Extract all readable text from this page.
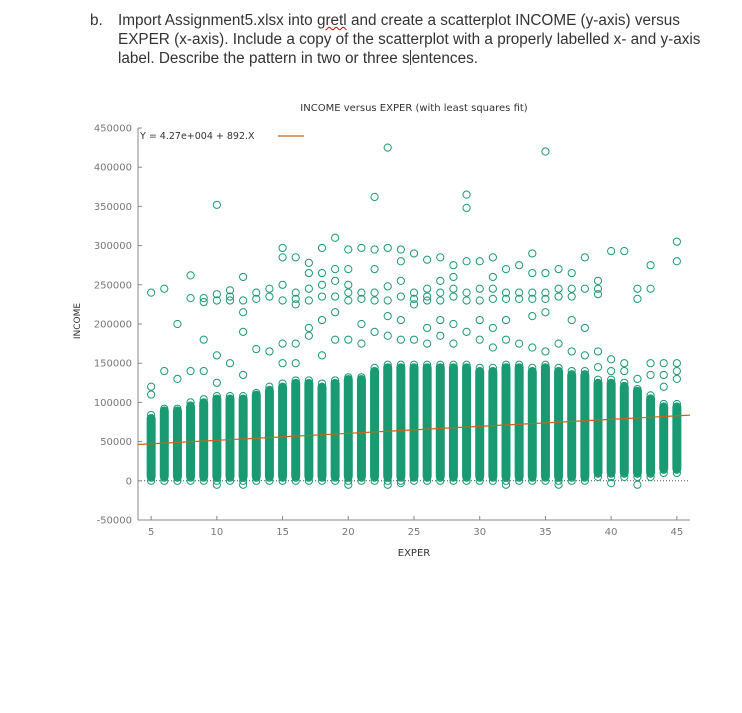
b. Import Assignment5.xlsx into gretl and create a scatterplot INCOME (y-axis) versus EXPER (x-axis). Include a copy of the scatterplot with a properly labelled x- and y-axis label. Describe the pattern in two or three s entences.
INCOME versus EXPER (with least squares fit)
-50000
0
50000
100000
150000
200000
250000
300000
350000
400000
450000
5	10	15	20	25	30	35	40	45
Y = 4.27e+004 + 892.X
EXPER
INCOME
